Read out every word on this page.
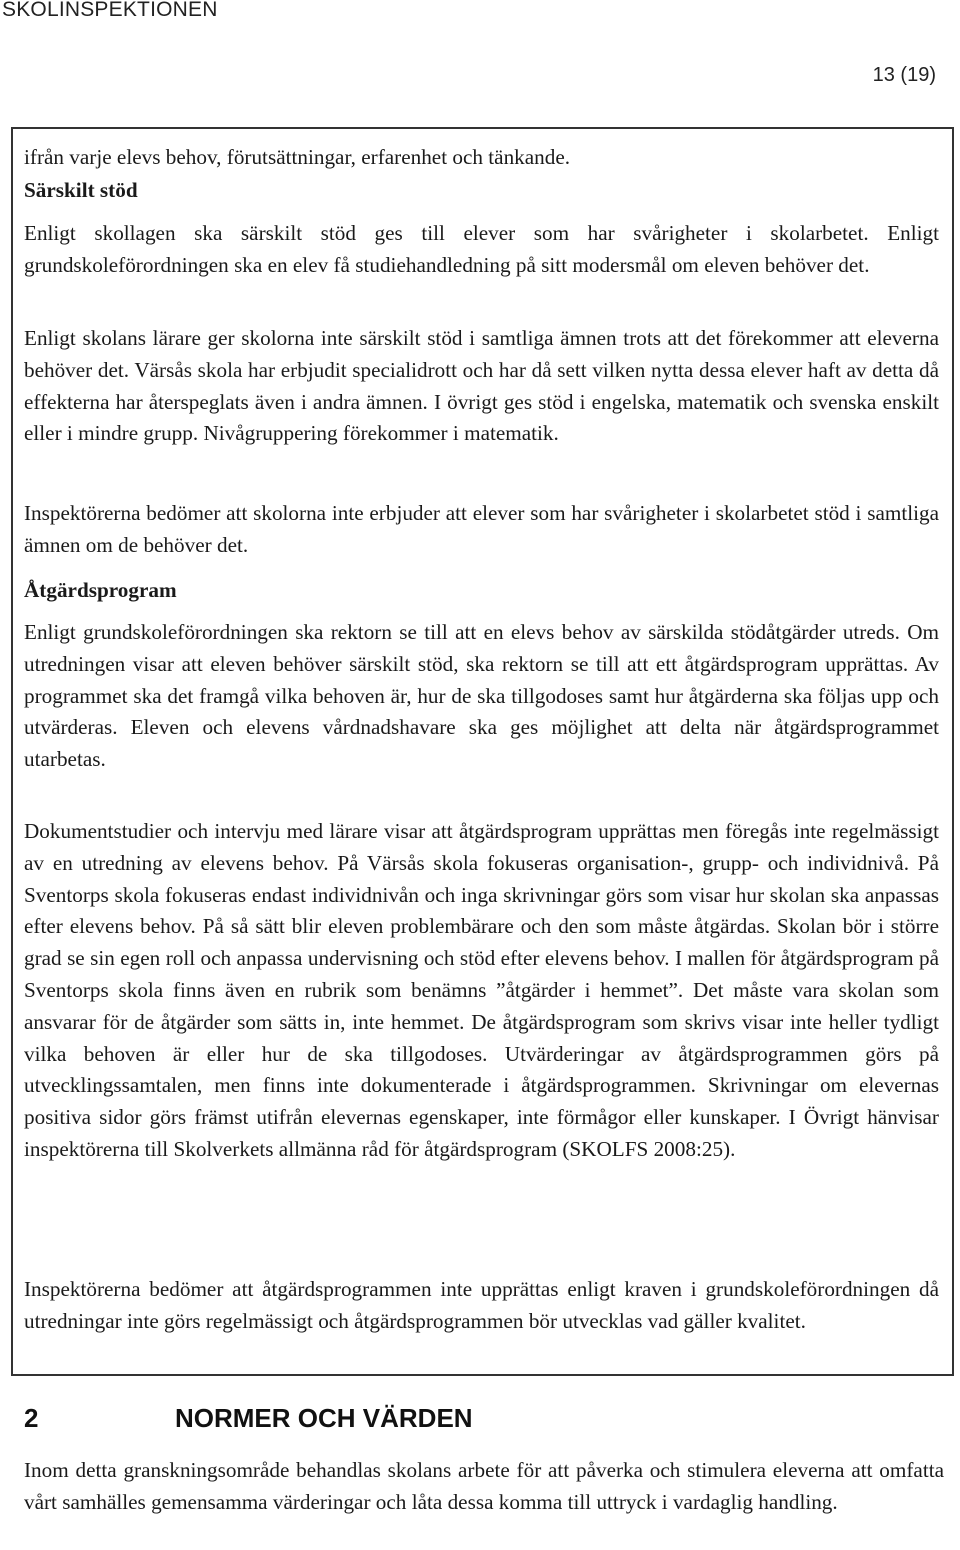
SKOLINSPEKTIONEN
13 (19)

ifrån varje elevs behov, förutsättningar, erfarenhet och tänkande.

Särskilt stöd

Enligt skollagen ska särskilt stöd ges till elever som har svårigheter i skolarbetet. Enligt grundskoleförordningen ska en elev få studiehandledning på sitt modersmål om eleven behöver det.

Enligt skolans lärare ger skolorna inte särskilt stöd i samtliga ämnen trots att det förekommer att eleverna behöver det. Värsås skola har erbjudit specialidrott och har då sett vilken nytta dessa elever haft av detta då effekterna har återspeglats även i andra ämnen. I övrigt ges stöd i engelska, matematik och svenska enskilt eller i mindre grupp. Nivågruppering förekommer i matematik.

Inspektörerna bedömer att skolorna inte erbjuder att elever som har svårigheter i skolarbetet stöd i samtliga ämnen om de behöver det.

Åtgärdsprogram

Enligt grundskoleförordningen ska rektorn se till att en elevs behov av särskilda stödåtgärder utreds. Om utredningen visar att eleven behöver särskilt stöd, ska rektorn se till att ett åtgärdsprogram upprättas. Av programmet ska det framgå vilka behoven är, hur de ska tillgodoses samt hur åtgärderna ska följas upp och utvärderas. Eleven och elevens vårdnadshavare ska ges möjlighet att delta när åtgärdsprogrammet utarbetas.

Dokumentstudier och intervju med lärare visar att åtgärdsprogram upprättas men föregås inte regelmässigt av en utredning av elevens behov. På Värsås skola fokuseras organisation-, grupp- och individnivå. På Sventorps skola fokuseras endast individnivån och inga skrivningar görs som visar hur skolan ska anpassas efter elevens behov. På så sätt blir eleven problembärare och den som måste åtgärdas. Skolan bör i större grad se sin egen roll och anpassa undervisning och stöd efter elevens behov. I mallen för åtgärdsprogram på Sventorps skola finns även en rubrik som benämns ”åtgärder i hemmet”. Det måste vara skolan som ansvarar för de åtgärder som sätts in, inte hemmet. De åtgärdsprogram som skrivs visar inte heller tydligt vilka behoven är eller hur de ska tillgodoses. Utvärderingar av åtgärdsprogrammen görs på utvecklingssamtalen, men finns inte dokumenterade i åtgärdsprogrammen. Skrivningar om elevernas positiva sidor görs främst utifrån elevernas egenskaper, inte förmågor eller kunskaper. I Övrigt hänvisar inspektörerna till Skolverkets allmänna råd för åtgärdsprogram (SKOLFS 2008:25).

Inspektörerna bedömer att åtgärdsprogrammen inte upprättas enligt kraven i grundskoleförordningen då utredningar inte görs regelmässigt och åtgärdsprogrammen bör utvecklas vad gäller kvalitet.

2	NORMER OCH VÄRDEN

Inom detta granskningsområde behandlas skolans arbete för att påverka och stimulera eleverna att omfatta vårt samhälles gemensamma värderingar och låta dessa komma till uttryck i vardaglig handling.
